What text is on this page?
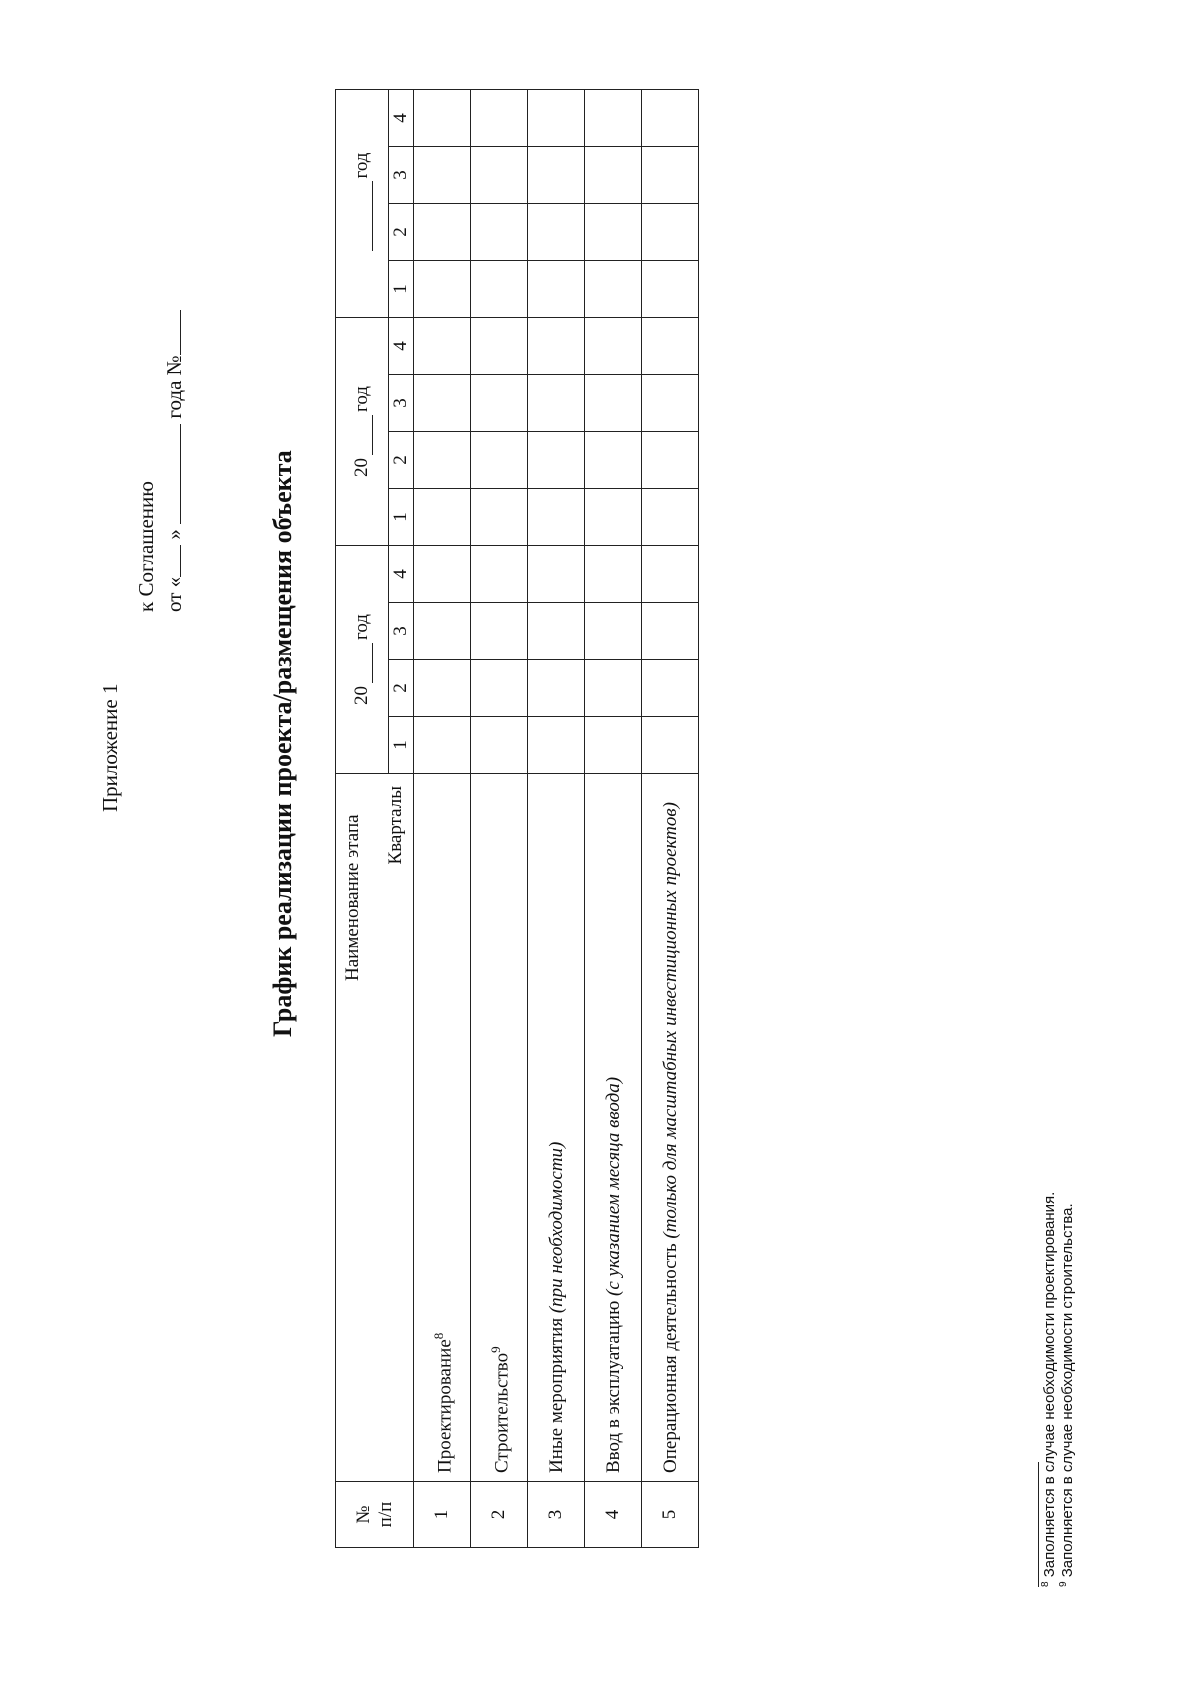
Приложение 1
к Соглашению от « »  года №
График реализации проекта/размещения объекта
№
п/п	Наименование этапа Кварталы	20год				20год				год			
		1	2	3	4	1	2	3	4	1	2	3	4
1	Проектирование$^8$												
2	Строительство$^9$												
3	Иные мероприятия (при необходимости)												
4	Ввод в эксплуатацию (с указанием месяца ввода)												
5	Операционная деятельность (только для масштабных инвестиционных проектов)												
$^8$ Заполняется в случае необходимости проектирования.
$^9$ Заполняется в случае необходимости строительства.
